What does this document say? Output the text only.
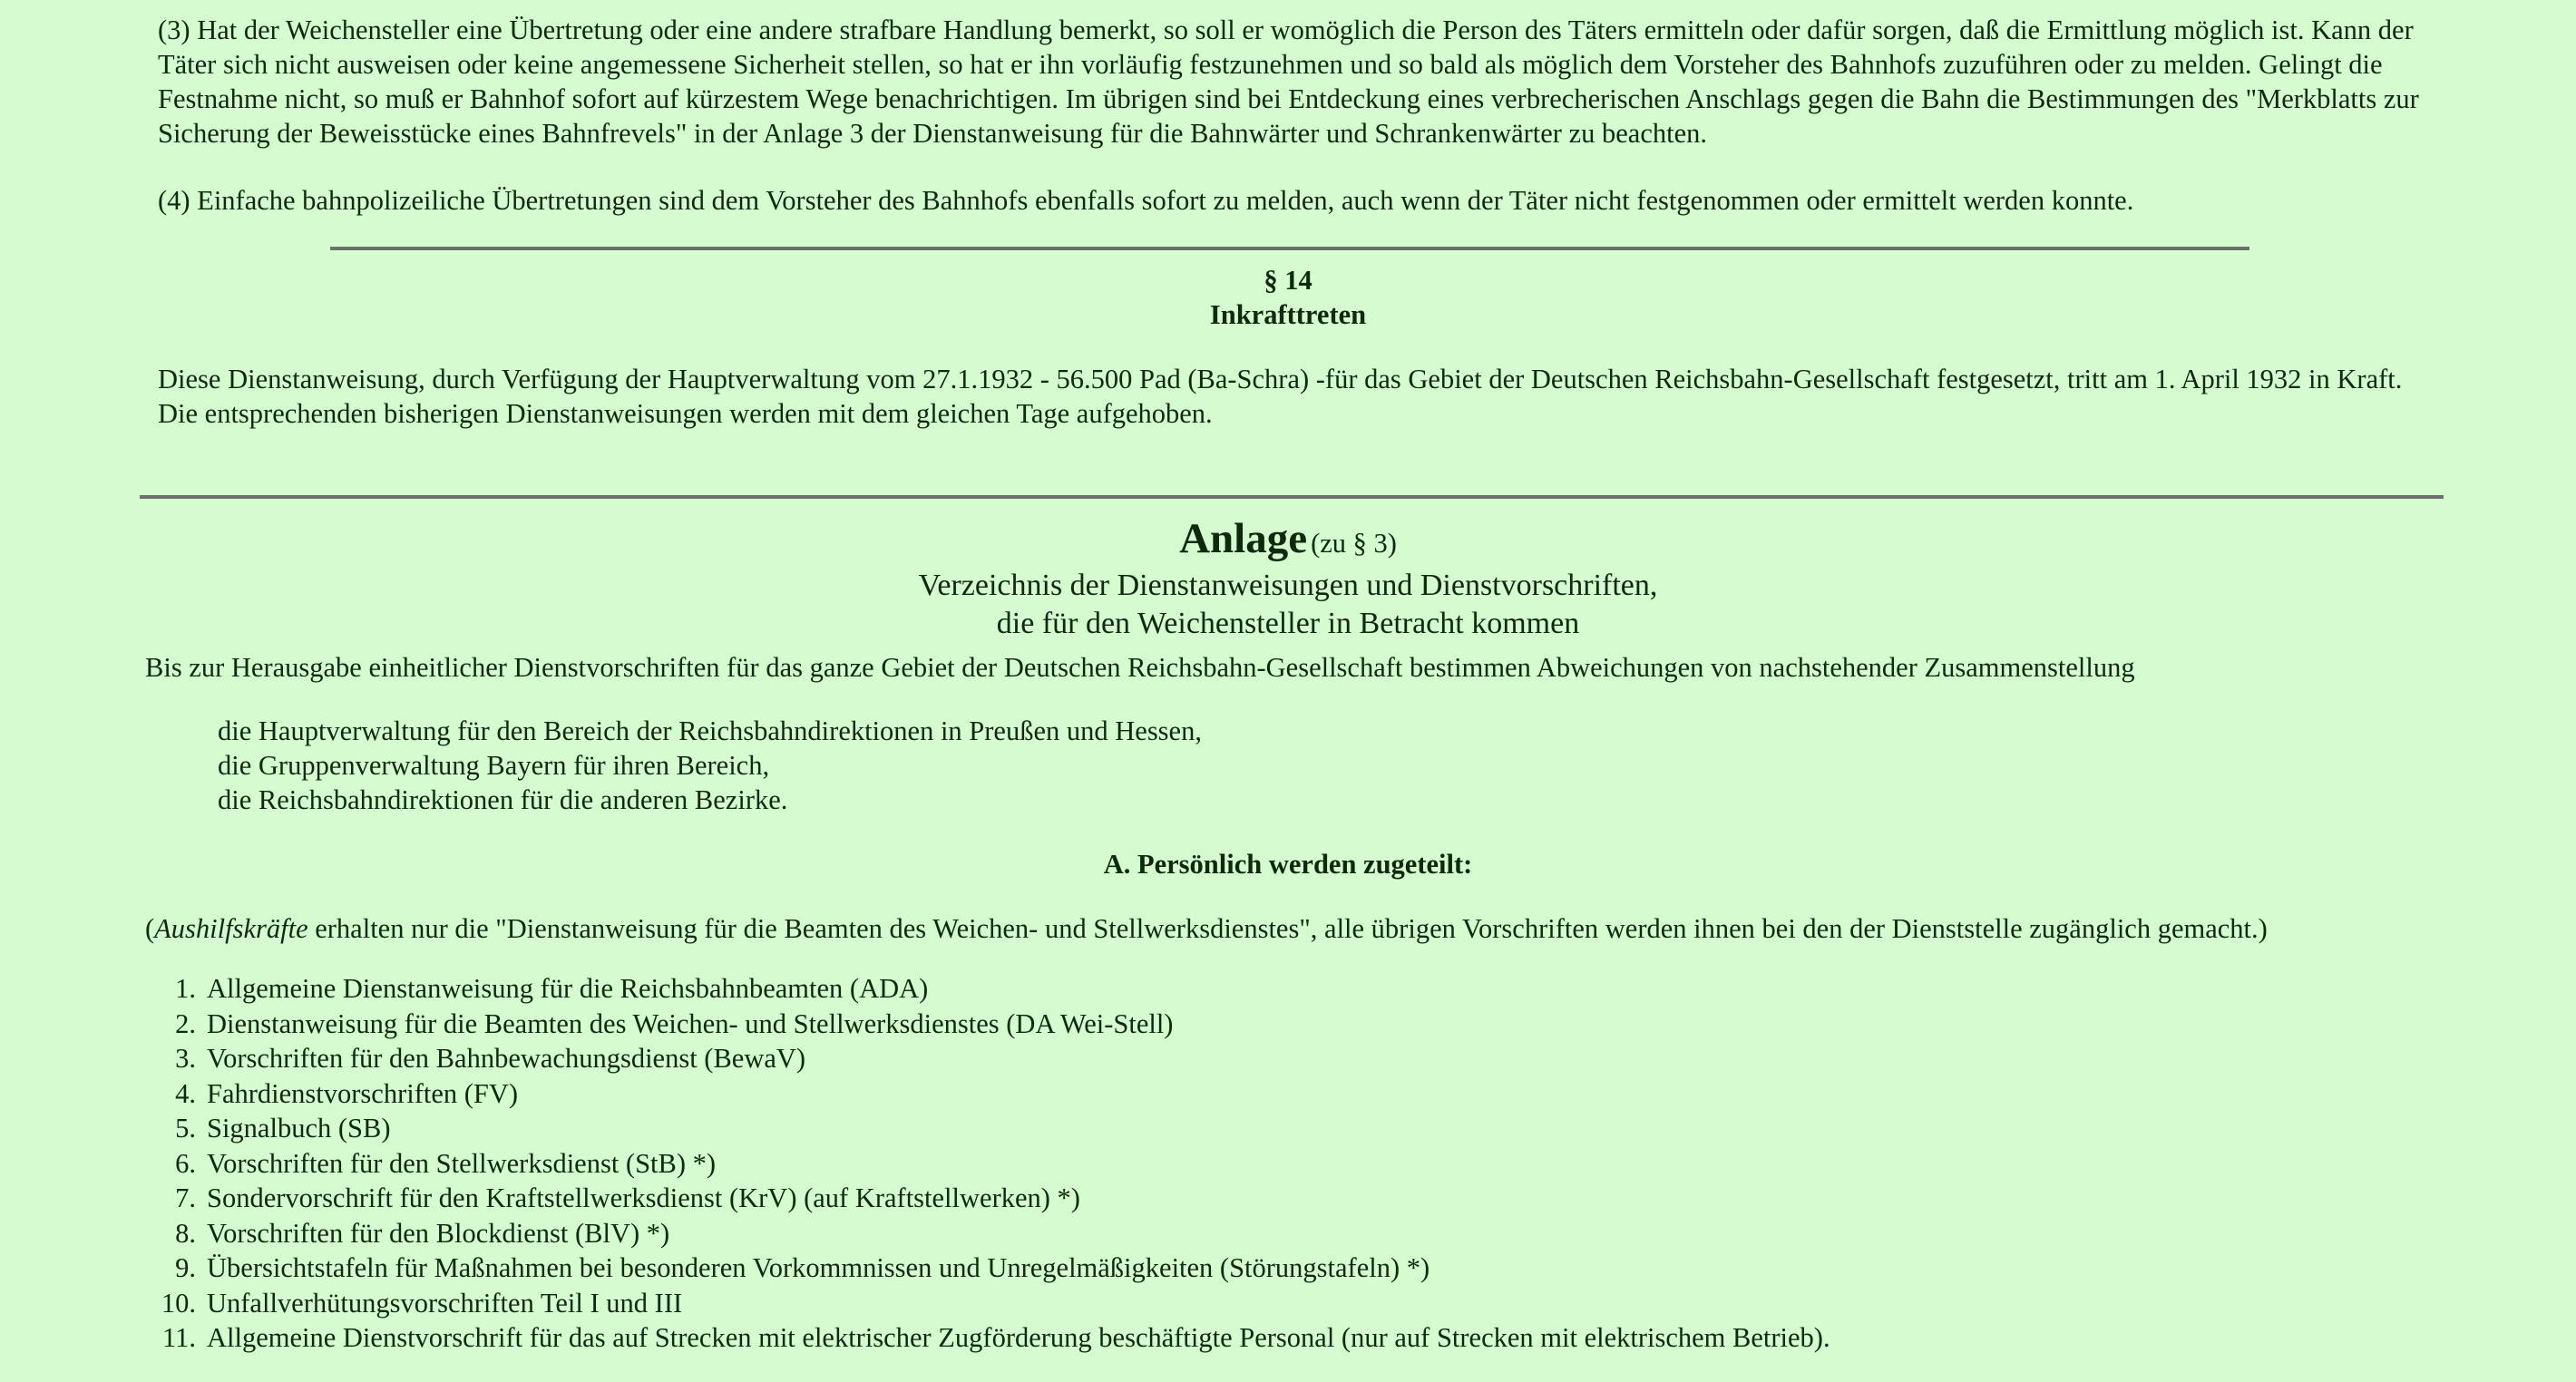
(3) Hat der Weichensteller eine Übertretung oder eine andere strafbare Handlung bemerkt, so soll er womöglich die Person des Täters ermitteln oder dafür sorgen, daß die Ermittlung möglich ist. Kann der Täter sich nicht ausweisen oder keine angemessene Sicherheit stellen, so hat er ihn vorläufig festzunehmen und so bald als möglich dem Vorsteher des Bahnhofs zuzuführen oder zu melden. Gelingt die Festnahme nicht, so muß er Bahnhof sofort auf kürzestem Wege benachrichtigen. Im übrigen sind bei Entdeckung eines verbrecherischen Anschlags gegen die Bahn die Bestimmungen des "Merkblatts zur Sicherung der Beweisstücke eines Bahnfrevels" in der Anlage 3 der Dienstanweisung für die Bahnwärter und Schrankenwärter zu beachten.

(4) Einfache bahnpolizeiliche Übertretungen sind dem Vorsteher des Bahnhofs ebenfalls sofort zu melden, auch wenn der Täter nicht festgenommen oder ermittelt werden konnte.

§ 14

Inkrafttreten

Diese Dienstanweisung, durch Verfügung der Hauptverwaltung vom 27.1.1932 - 56.500 Pad (Ba-Schra) -für das Gebiet der Deutschen Reichsbahn-Gesellschaft festgesetzt, tritt am 1. April 1932 in Kraft.
Die entsprechenden bisherigen Dienstanweisungen werden mit dem gleichen Tage aufgehoben.

Anlage (zu § 3)

Verzeichnis der Dienstanweisungen und Dienstvorschriften,

die für den Weichensteller in Betracht kommen

Bis zur Herausgabe einheitlicher Dienstvorschriften für das ganze Gebiet der Deutschen Reichsbahn-Gesellschaft bestimmen Abweichungen von nachstehender Zusammenstellung

die Hauptverwaltung für den Bereich der Reichsbahndirektionen in Preußen und Hessen,

die Gruppenverwaltung Bayern für ihren Bereich,

die Reichsbahndirektionen für die anderen Bezirke.

A. Persönlich werden zugeteilt:

(Aushilfskräfte erhalten nur die "Dienstanweisung für die Beamten des Weichen- und Stellwerksdienstes", alle übrigen Vorschriften werden ihnen bei den der Dienststelle zugänglich gemacht.)

1. Allgemeine Dienstanweisung für die Reichsbahnbeamten (ADA)
2. Dienstanweisung für die Beamten des Weichen- und Stellwerksdienstes (DA Wei-Stell)
3. Vorschriften für den Bahnbewachungsdienst (BewaV)
4. Fahrdienstvorschriften (FV)
5. Signalbuch (SB)
6. Vorschriften für den Stellwerksdienst (StB) *)
7. Sondervorschrift für den Kraftstellwerksdienst (KrV) (auf Kraftstellwerken) *)
8. Vorschriften für den Blockdienst (BlV) *)
9. Übersichtstafeln für Maßnahmen bei besonderen Vorkommnissen und Unregelmäßigkeiten (Störungstafeln) *)
10. Unfallverhütungsvorschriften Teil I und III
11. Allgemeine Dienstvorschrift für das auf Strecken mit elektrischer Zugförderung beschäftigte Personal (nur auf Strecken mit elektrischem Betrieb).
